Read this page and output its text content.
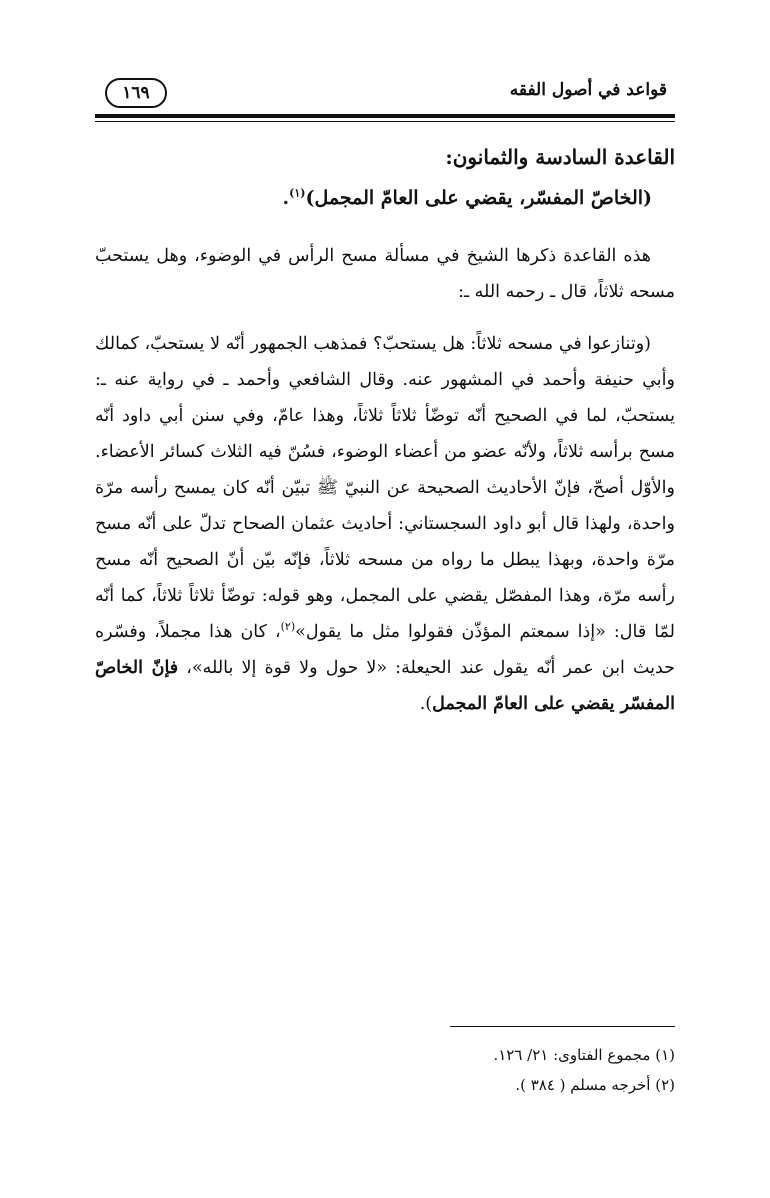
قواعد في أصول الفقه
١٦٩
القاعدة السادسة والثمانون:
(الخاصّ المفسّر، يقضي على العامّ المجمل)$^{(١)}$.

هذه القاعدة ذكرها الشيخ في مسألة مسح الرأس في الوضوء، وهل يستحبّ مسحه ثلاثاً، قال ـ رحمه الله ـ:

(وتنازعوا في مسحه ثلاثاً: هل يستحبّ؟ فمذهب الجمهور أنّه لا يستحبّ، كمالك وأبي حنيفة وأحمد في المشهور عنه. وقال الشافعي وأحمد ـ في رواية عنه ـ: يستحبّ، لما في الصحيح أنّه توضّأ ثلاثاً ثلاثاً، وهذا عامّ، وفي سنن أبي داود أنّه مسح برأسه ثلاثاً، ولأنّه عضو من أعضاء الوضوء، فسُنّ فيه الثلاث كسائر الأعضاء. والأوّل أصحّ، فإنّ الأحاديث الصحيحة عن النبيّ ﷺ تبيّن أنّه كان يمسح رأسه مرّة واحدة، ولهذا قال أبو داود السجستاني: أحاديث عثمان الصحاح تدلّ على أنّه مسح مرّة واحدة، وبهذا يبطل ما رواه من مسحه ثلاثاً، فإنّه بيّن أنّ الصحيح أنّه مسح رأسه مرّة، وهذا المفصّل يقضي على المجمل، وهو قوله: توضّأ ثلاثاً ثلاثاً، كما أنّه لمّا قال: «إذا سمعتم المؤذّن فقولوا مثل ما يقول»$^{(٢)}$، كان هذا مجملاً، وفسّره حديث ابن عمر أنّه يقول عند الحيعلة: «لا حول ولا قوة إلا بالله»، فإنّ الخاصّ المفسّر يقضي على العامّ المجمل).

(١) مجموع الفتاوى: ٢١/ ١٢٦.
(٢) أخرجه مسلم ( ٣٨٤ ).
